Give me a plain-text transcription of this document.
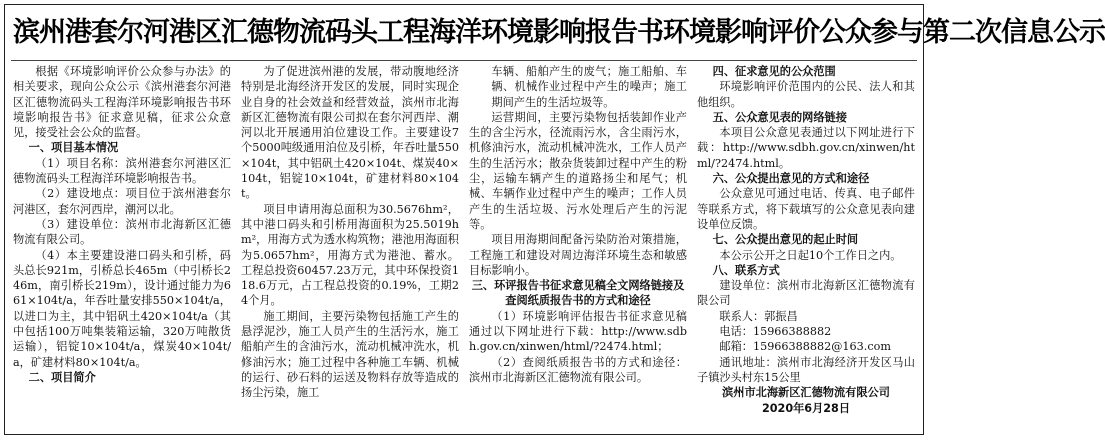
滨州港套尔河港区汇德物流码头工程海洋环境影响报告书环境影响评价公众参与第二次信息公示

根据《环境影响评价公众参与办法》的相关要求，现向公众公示《滨州港套尔河港区汇德物流码头工程海洋环境影响报告书环境影响报告书》征求意见稿，征求公众意见，接受社会公众的监督。

一、项目基本情况

（1）项目名称：滨州港套尔河港区汇德物流码头工程海洋环境影响报告书。

（2）建设地点：项目位于滨州港套尔河港区，套尔河西岸，潮河以北。

（3）建设单位：滨州市北海新区汇德物流有限公司。

（4）本主要建设港口码头和引桥，码头总长921m，引桥总长465m（中引桥长246m，南引桥长219m），设计通过能力为661×104t/a，年吞吐量安排550×104t/a，以进口为主，其中铝矾土420×104t/a（其中包括100万吨集装箱运输，320万吨散货运输），铝锭10×104t/a，煤炭40×104t/a，矿建材料80×104t/a。

二、项目简介

为了促进滨州港的发展，带动腹地经济特别是北海经济开发区的发展，同时实现企业自身的社会效益和经营效益，滨州市北海新区汇德物流有限公司拟在套尔河西岸、潮河以北开展通用泊位建设工作。主要建设7个5000吨级通用泊位及引桥，年吞吐量550×104t，其中铝矾土420×104t、煤炭40×104t，铝锭10×104t，矿建材料80×104t。

项目申请用海总面积为30.5676hm²，其中港口码头和引桥用海面积为25.5019hm²，用海方式为透水构筑物；港池用海面积为5.0657hm²，用海方式为港池、蓄水。工程总投资60457.23万元，其中环保投资118.6万元，占工程总投资的0.19%，工期24个月。

施工期间，主要污染物包括施工产生的悬浮泥沙，施工人员产生的生活污水，施工船舶产生的含油污水，流动机械冲洗水，机修油污水；施工过程中各种施工车辆、机械的运行、砂石料的运送及物料存放等造成的扬尘污染，施工

车辆、船舶产生的废气；施工船舶、车辆、机械作业过程中产生的噪声；施工期间产生的生活垃圾等。

运营期间，主要污染物包括装卸作业产生的含尘污水，径流雨污水，含尘雨污水，机修油污水，流动机械冲洗水，工作人员产生的生活污水；散杂货装卸过程中产生的粉尘，运输车辆产生的道路扬尘和尾气；机械、车辆作业过程中产生的噪声；工作人员产生的生活垃圾、污水处理后产生的污泥等。

项目用海期间配备污染防治对策措施，工程施工和建设对周边海洋环境生态和敏感目标影响小。

三、环评报告书征求意见稿全文网络链接及查阅纸质报告书的方式和途径

（1）环境影响评估报告书征求意见稿通过以下网址进行下载：http://www.sdbh.gov.cn/xinwen/html/?2474.html；

（2）查阅纸质报告书的方式和途径：滨州市北海新区汇德物流有限公司。

四、征求意见的公众范围

环境影响评价范围内的公民、法人和其他组织。

五、公众意见表的网络链接

本项目公众意见表通过以下网址进行下载：http://www.sdbh.gov.cn/xinwen/html/?2474.html。

六、公众提出意见的方式和途径

公众意见可通过电话、传真、电子邮件等联系方式，将下载填写的公众意见表向建设单位反馈。

七、公众提出意见的起止时间

本公示公开之日起10个工作日之内。

八、联系方式

建设单位：滨州市北海新区汇德物流有限公司

联系人：郭振昌

电话：15966388882

邮箱：15966388882@163.com

通讯地址：滨州市北海经济开发区马山子镇沙头村东15公里

滨州市北海新区汇德物流有限公司

2020年6月28日
